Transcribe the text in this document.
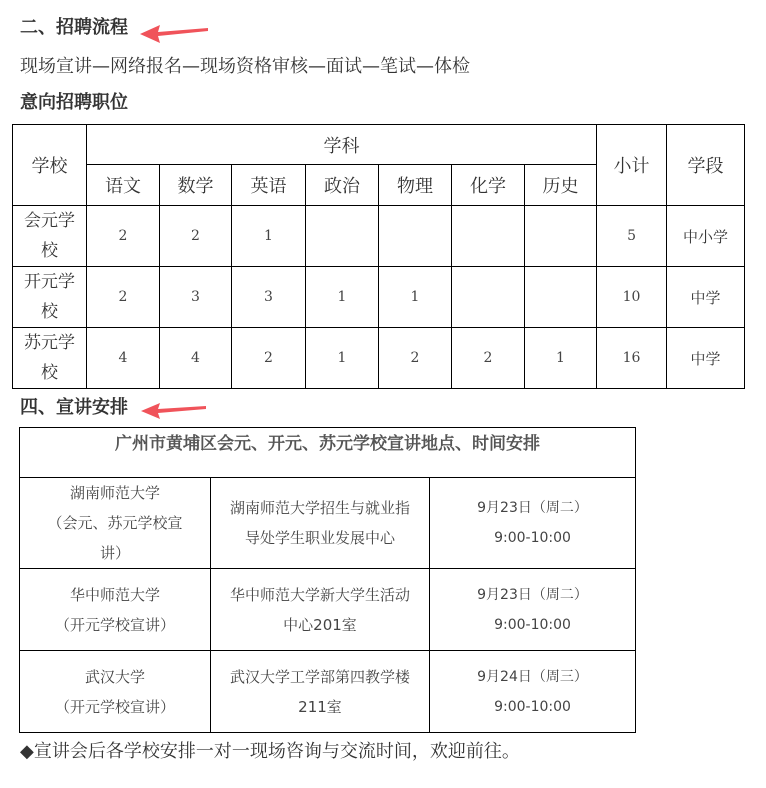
二、招聘流程
现场宣讲—网络报名—现场资格审核—面试—笔试—体检
意向招聘职位
学校	学科							小计	学段
	语文	数学	英语	政治	物理	化学	历史		
会元学
校	2	2	1					5	中小学
开元学
校	2	3	3	1	1			10	中学
苏元学
校	4	4	2	1	2	2	1	16	中学
四、宣讲安排
广州市黄埔区会元、开元、苏元学校宣讲地点、时间安排		
湖南师范大学
（会元、苏元学校宣
讲）	湖南师范大学招生与就业指
导处学生职业发展中心	9月23日（周二）
9:00-10:00
华中师范大学
（开元学校宣讲）	华中师范大学新大学生活动
中心201室	9月23日（周二）
9:00-10:00
武汉大学
（开元学校宣讲）	武汉大学工学部第四教学楼
211室	9月24日（周三）
9:00-10:00
◆宣讲会后各学校安排一对一现场咨询与交流时间，欢迎前往。
